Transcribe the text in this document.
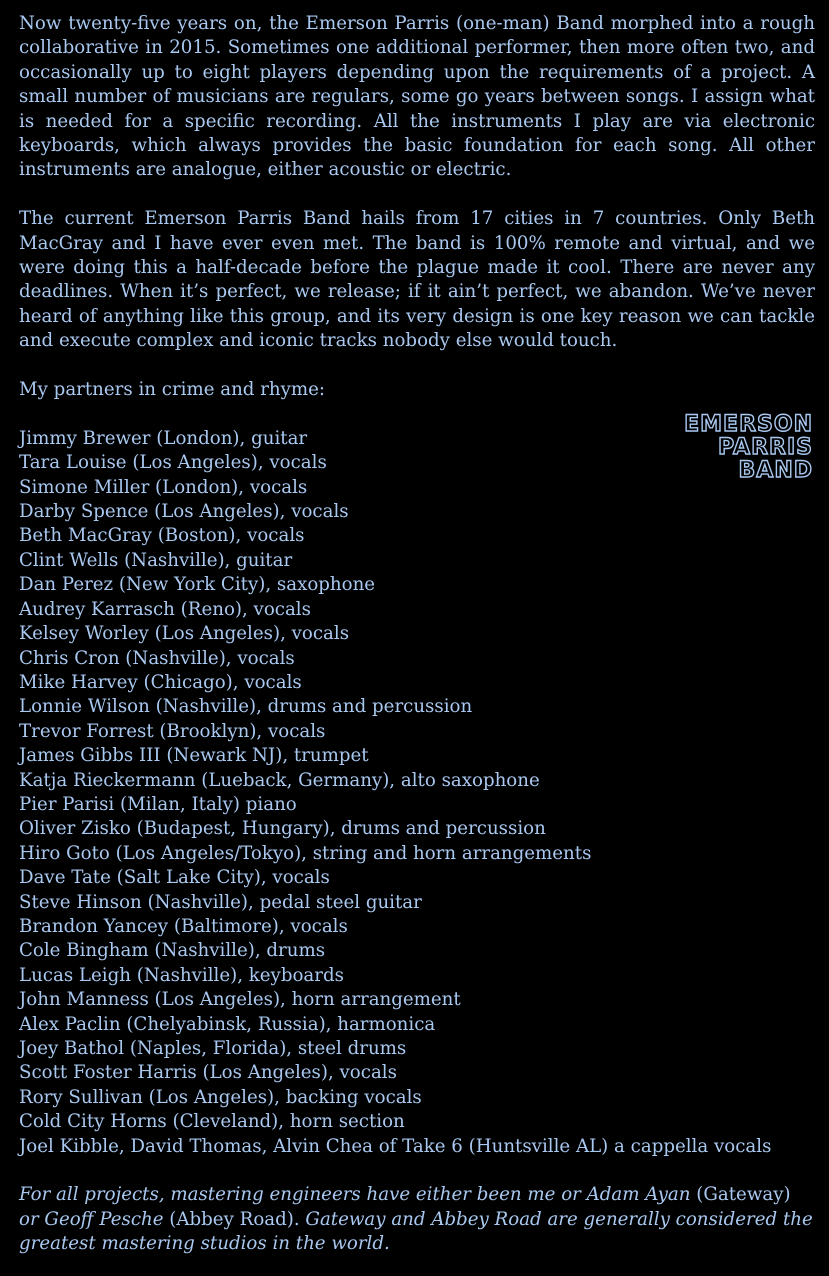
Now twenty-five years on, the Emerson Parris (one-man) Band morphed into a rough collaborative in 2015. Sometimes one additional performer, then more often two, and occasionally up to eight players depending upon the requirements of a project. A small number of musicians are regulars, some go years between songs. I assign what is needed for a specific recording. All the instruments I play are via electronic keyboards, which always provides the basic foundation for each song. All other instruments are analogue, either acoustic or electric.

The current Emerson Parris Band hails from 17 cities in 7 countries. Only Beth MacGray and I have ever even met. The band is 100% remote and virtual, and we were doing this a half-decade before the plague made it cool. There are never any deadlines. When it’s perfect, we release; if it ain’t perfect, we abandon. We’ve never heard of anything like this group, and its very design is one key reason we can tackle and execute complex and iconic tracks nobody else would touch.

My partners in crime and rhyme:

Jimmy Brewer (London), guitar
Tara Louise (Los Angeles), vocals
Simone Miller (London), vocals
Darby Spence (Los Angeles), vocals
Beth MacGray (Boston), vocals
Clint Wells (Nashville), guitar
Dan Perez (New York City), saxophone
Audrey Karrasch (Reno), vocals
Kelsey Worley (Los Angeles), vocals
Chris Cron (Nashville), vocals
Mike Harvey (Chicago), vocals
Lonnie Wilson (Nashville), drums and percussion
Trevor Forrest (Brooklyn), vocals
James Gibbs III (Newark NJ), trumpet
Katja Rieckermann (Lueback, Germany), alto saxophone
Pier Parisi (Milan, Italy) piano
Oliver Zisko (Budapest, Hungary), drums and percussion
Hiro Goto (Los Angeles/Tokyo), string and horn arrangements
Dave Tate (Salt Lake City), vocals
Steve Hinson (Nashville), pedal steel guitar
Brandon Yancey (Baltimore), vocals
Cole Bingham (Nashville), drums
Lucas Leigh (Nashville), keyboards
John Manness (Los Angeles), horn arrangement
Alex Paclin (Chelyabinsk, Russia), harmonica
Joey Bathol (Naples, Florida), steel drums
Scott Foster Harris (Los Angeles), vocals
Rory Sullivan (Los Angeles), backing vocals
Cold City Horns (Cleveland), horn section
Joel Kibble, David Thomas, Alvin Chea of Take 6 (Huntsville AL) a cappella vocals

For all projects, mastering engineers have either been me or Adam Ayan (Gateway) or Geoff Pesche (Abbey Road). Gateway and Abbey Road are generally considered the greatest mastering studios in the world.

EMERSON
PARRIS
BAND
